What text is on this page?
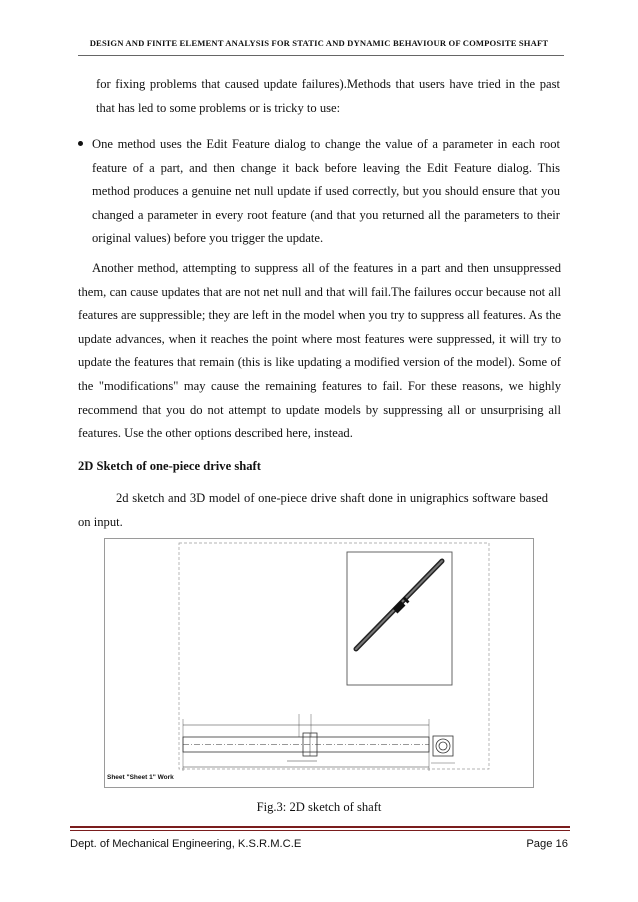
DESIGN AND FINITE ELEMENT ANALYSIS FOR STATIC AND DYNAMIC BEHAVIOUR OF COMPOSITE SHAFT

for fixing problems that caused update failures).Methods that users have tried in the past that has led to some problems or is tricky to use:

One method uses the Edit Feature dialog to change the value of a parameter in each root feature of a part, and then change it back before leaving the Edit Feature dialog. This method produces a genuine net null update if used correctly, but you should ensure that you changed a parameter in every root feature (and that you returned all the parameters to their original values) before you trigger the update.

Another method, attempting to suppress all of the features in a part and then unsuppressed them, can cause updates that are not net null and that will fail.The failures occur because not all features are suppressible; they are left in the model when you try to suppress all features. As the update advances, when it reaches the point where most features were suppressed, it will try to update the features that remain (this is like updating a modified version of the model). Some of the "modifications" may cause the remaining features to fail. For these reasons, we highly recommend that you do not attempt to update models by suppressing all or unsurprising all features. Use the other options described here, instead.

2D Sketch of one-piece drive shaft

2d sketch and 3D model of one-piece drive shaft done in unigraphics software based on input.

Sheet "Sheet 1" Work
Fig.3: 2D sketch of shaft
Dept. of Mechanical Engineering, K.S.R.M.C.E	Page 16
